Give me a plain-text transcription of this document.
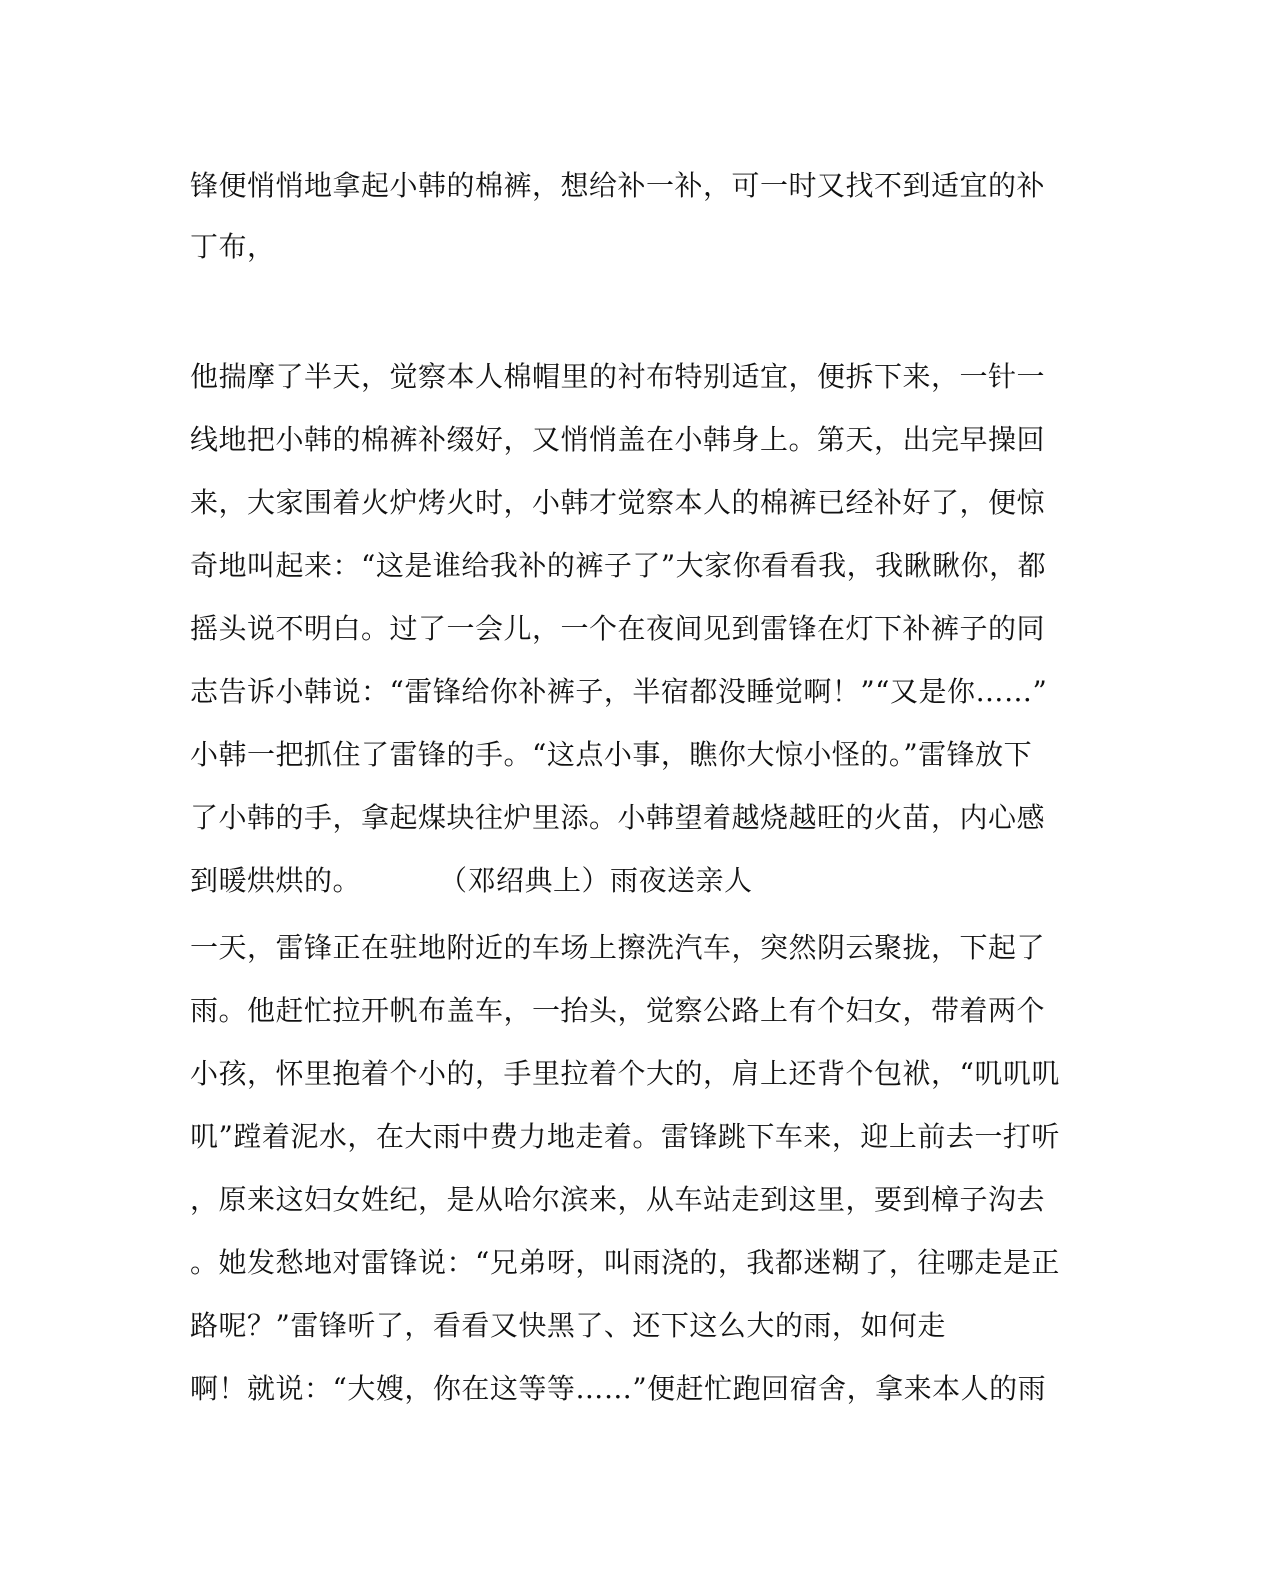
锋便悄悄地拿起小韩的棉裤，想给补一补，可一时又找不到适宜的补
丁布，
他揣摩了半天，觉察本人棉帽里的衬布特别适宜，便拆下来，一针一
线地把小韩的棉裤补缀好，又悄悄盖在小韩身上。第天，出完早操回
来，大家围着火炉烤火时，小韩才觉察本人的棉裤已经补好了，便惊
奇地叫起来：“这是谁给我补的裤子了”大家你看看我，我瞅瞅你，都
摇头说不明白。过了一会儿，一个在夜间见到雷锋在灯下补裤子的同
志告诉小韩说：“雷锋给你补裤子，半宿都没睡觉啊！”“又是你……”
小韩一把抓住了雷锋的手。“这点小事，瞧你大惊小怪的。”雷锋放下
了小韩的手，拿起煤块往炉里添。小韩望着越烧越旺的火苗，内心感
到暖烘烘的。	（邓绍典上）雨夜送亲人
一天，雷锋正在驻地附近的车场上擦洗汽车，突然阴云聚拢，下起了
雨。他赶忙拉开帆布盖车，一抬头，觉察公路上有个妇女，带着两个
小孩，怀里抱着个小的，手里拉着个大的，肩上还背个包袱，“叽叽叽
叽”蹚着泥水，在大雨中费力地走着。雷锋跳下车来，迎上前去一打听
，原来这妇女姓纪，是从哈尔滨来，从车站走到这里，要到樟子沟去
。她发愁地对雷锋说：“兄弟呀，叫雨浇的，我都迷糊了，往哪走是正
路呢？”雷锋听了，看看又快黑了、还下这么大的雨，如何走
啊！就说：“大嫂，你在这等等……”便赶忙跑回宿舍，拿来本人的雨
